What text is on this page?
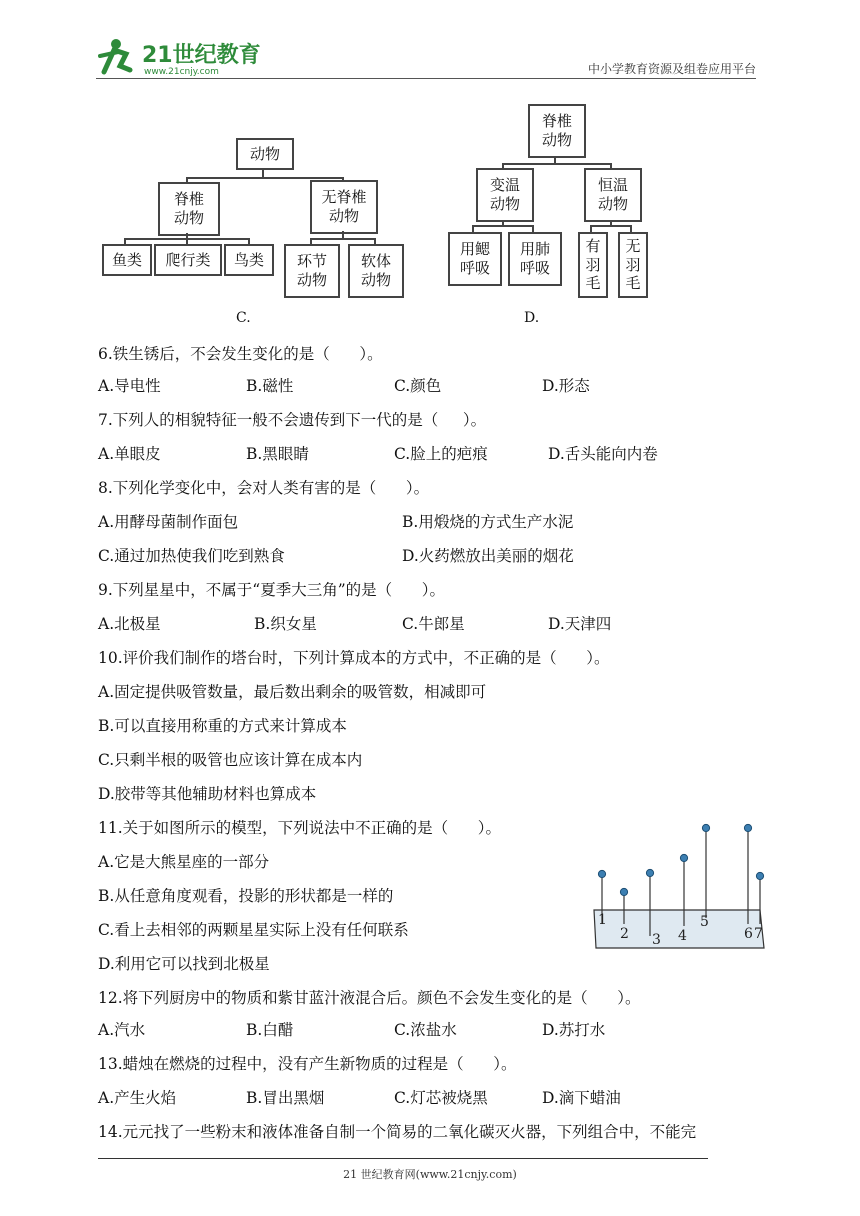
21世纪教育
www.21cnjy.com	中小学教育资源及组卷应用平台
动物
脊椎
动物
无脊椎
动物
鱼类	爬行类	鸟类	环节
动物
软体
动物
C.
脊椎
动物
变温
动物
恒温
动物
用鳃
呼吸
用肺
呼吸
有
羽
毛
无
羽
毛
D.
6.铁生锈后，不会发生变化的是（      ）。
A.导电性	B.磁性	C.颜色	D.形态
7.下列人的相貌特征一般不会遗传到下一代的是（     ）。
A.单眼皮	B.黑眼睛	C.脸上的疤痕	D.舌头能向内卷
8.下列化学变化中，会对人类有害的是（      ）。
A.用酵母菌制作面包	B.用煅烧的方式生产水泥
C.通过加热使我们吃到熟食	D.火药燃放出美丽的烟花
9.下列星星中，不属于“夏季大三角”的是（      ）。
A.北极星	B.织女星	C.牛郎星	D.天津四
10.评价我们制作的塔台时，下列计算成本的方式中，不正确的是（      ）。
A.固定提供吸管数量，最后数出剩余的吸管数，相减即可
B.可以直接用称重的方式来计算成本
C.只剩半根的吸管也应该计算在成本内
D.胶带等其他辅助材料也算成本
11.关于如图所示的模型，下列说法中不正确的是（      ）。
A.它是大熊星座的一部分
B.从任意角度观看，投影的形状都是一样的
C.看上去相邻的两颗星星实际上没有任何联系
D.利用它可以找到北极星
12.将下列厨房中的物质和紫甘蓝汁液混合后。颜色不会发生变化的是（      ）。
A.汽水	B.白醋	C.浓盐水	D.苏打水
13.蜡烛在燃烧的过程中，没有产生新物质的过程是（      ）。
A.产生火焰	B.冒出黑烟	C.灯芯被烧黑	D.滴下蜡油
14.元元找了一些粉末和液体准备自制一个简易的二氧化碳灭火器，下列组合中，不能完
1
2 3 4
5
6 7
21 世纪教育网(www.21cnjy.com)
